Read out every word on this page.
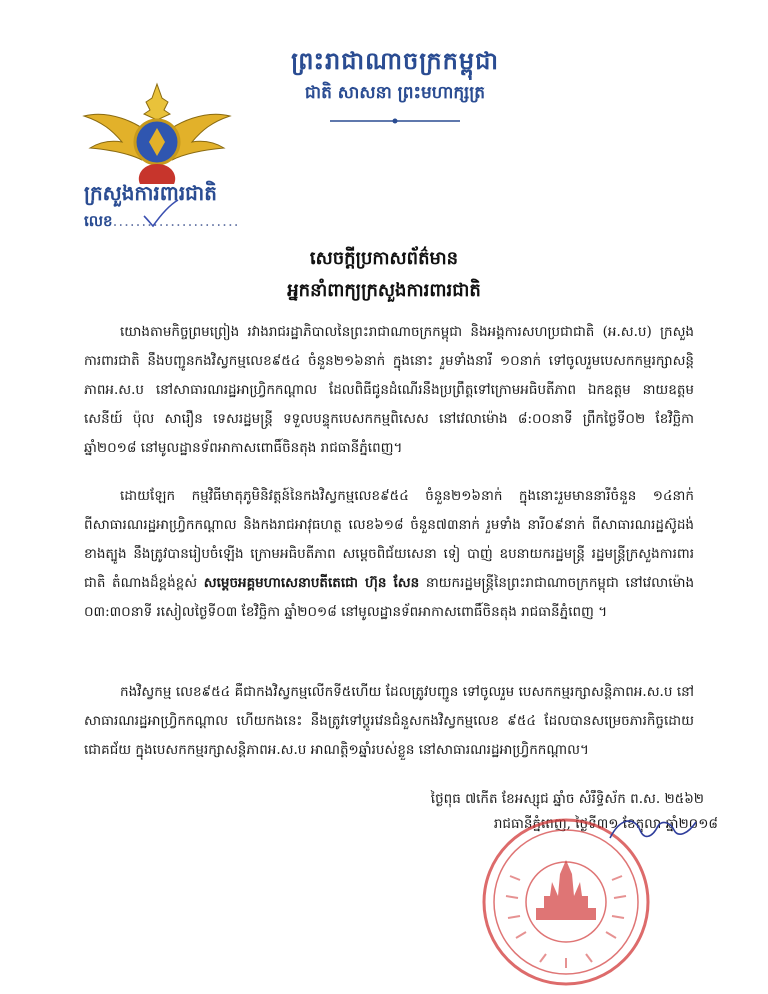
ព្រះរាជាណាចក្រកម្ពុជា
ជាតិ សាសនា ព្រះមហាក្សត្រ
ក្រសួងការពារជាតិ
លេខ......................
សេចក្តីប្រកាសព័ត៌មាន
អ្នកនាំពាក្យក្រសួងការពារជាតិ
យោងតាមកិច្ចព្រមព្រៀង រវាងរាជរដ្ឋាភិបាលនៃព្រះរាជាណាចក្រកម្ពុជា និងអង្គការសហប្រជាជាតិ (អ.ស.ប) ក្រសួងការពារជាតិ នឹងបញ្ជូនកងវិស្វកម្មលេខ៩៥៤ ចំនួន២១៦នាក់ ក្នុងនោះ រួមទាំងនារី ១០នាក់ ទៅចូលរួមបេសកកម្មរក្សាសន្តិភាពអ.ស.ប នៅសាធារណរដ្ឋអាហ្វ្រិកកណ្តាល ដែលពិធីជូនដំណើរនឹងប្រព្រឹត្តទៅក្រោមអធិបតីភាព ឯកឧត្តម នាយឧត្តមសេនីយ៍ ប៉ុល សារឿន ទេសរដ្ឋមន្ត្រី ទទួលបន្ទុកបេសកកម្មពិសេស នៅវេលាម៉ោង ៨:០០នាទី ព្រឹកថ្ងៃទី០២ ខែវិច្ឆិកា ឆ្នាំ២០១៨ នៅមូលដ្ឋានទ័ពអាកាសពោធិ៍ចិនតុង រាជធានីភ្នំពេញ។
ដោយឡែក កម្មវិធីមាតុភូមិនិវត្តន៍នៃកងវិស្វកម្មលេខ៩៥៤ ចំនួន២១៦នាក់ ក្នុងនោះរួមមាននារីចំនួន ១៤នាក់ពីសាធារណរដ្ឋអាហ្វ្រិកកណ្តាល និងកងរាជអាវុធហត្ថ លេខ៦១៨ ចំនួន៧៣នាក់ រួមទាំង នារី០៩នាក់ ពីសាធារណរដ្ឋស៊ូដង់ខាងត្បូង នឹងត្រូវបានរៀបចំឡើង ក្រោមអធិបតីភាព សម្តេចពិជ័យសេនា ទៀ បាញ់ ឧបនាយករដ្ឋមន្ត្រី រដ្ឋមន្ត្រីក្រសួងការពារជាតិ តំណាងដ៏ខ្ពង់ខ្ពស់ សម្តេចអគ្គមហាសេនាបតីតេជោ ហ៊ុន សែន នាយករដ្ឋមន្ត្រីនៃព្រះរាជាណាចក្រកម្ពុជា នៅវេលាម៉ោង ០៣:៣០នាទី រសៀលថ្ងៃទី០៣ ខែវិច្ឆិកា ឆ្នាំ២០១៨ នៅមូលដ្ឋានទ័ពអាកាសពោធិ៍ចិនតុង រាជធានីភ្នំពេញ ។
កងវិស្វកម្ម លេខ៩៥៤ គឺជាកងវិស្វកម្មលើកទី៥ហើយ ដែលត្រូវបញ្ជូន ទៅចូលរួម បេសកកម្មរក្សាសន្តិភាពអ.ស.ប នៅសាធារណរដ្ឋអាហ្វ្រិកកណ្តាល ហើយកងនេះ នឹងត្រូវទៅប្តូរវេនជំនួសកងវិស្វកម្មលេខ ៩៥៤ ដែលបានសម្រេចភារកិច្ចដោយជោគជ័យ ក្នុងបេសកកម្មរក្សាសន្តិភាពអ.ស.ប អាណត្តិ១ឆ្នាំរបស់ខ្លួន នៅសាធារណរដ្ឋអាហ្វ្រិកកណ្តាល។
ថ្ងៃពុធ ៧កើត ខែអស្សុជ ឆ្នាំច សំរឹទ្ធិស័ក ព.ស. ២៥៦២
រាជធានីភ្នំពេញ, ថ្ងៃទី៣១ ខែតុលា ឆ្នាំ២០១៨
